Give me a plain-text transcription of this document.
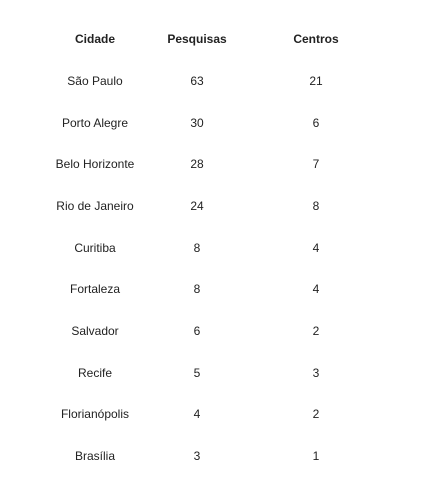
Cidade	Pesquisas	Centros
São Paulo	63	21
Porto Alegre	30	6
Belo Horizonte	28	7
Rio de Janeiro	24	8
Curitiba	8	4
Fortaleza	8	4
Salvador	6	2
Recife	5	3
Florianópolis	4	2
Brasília	3	1
